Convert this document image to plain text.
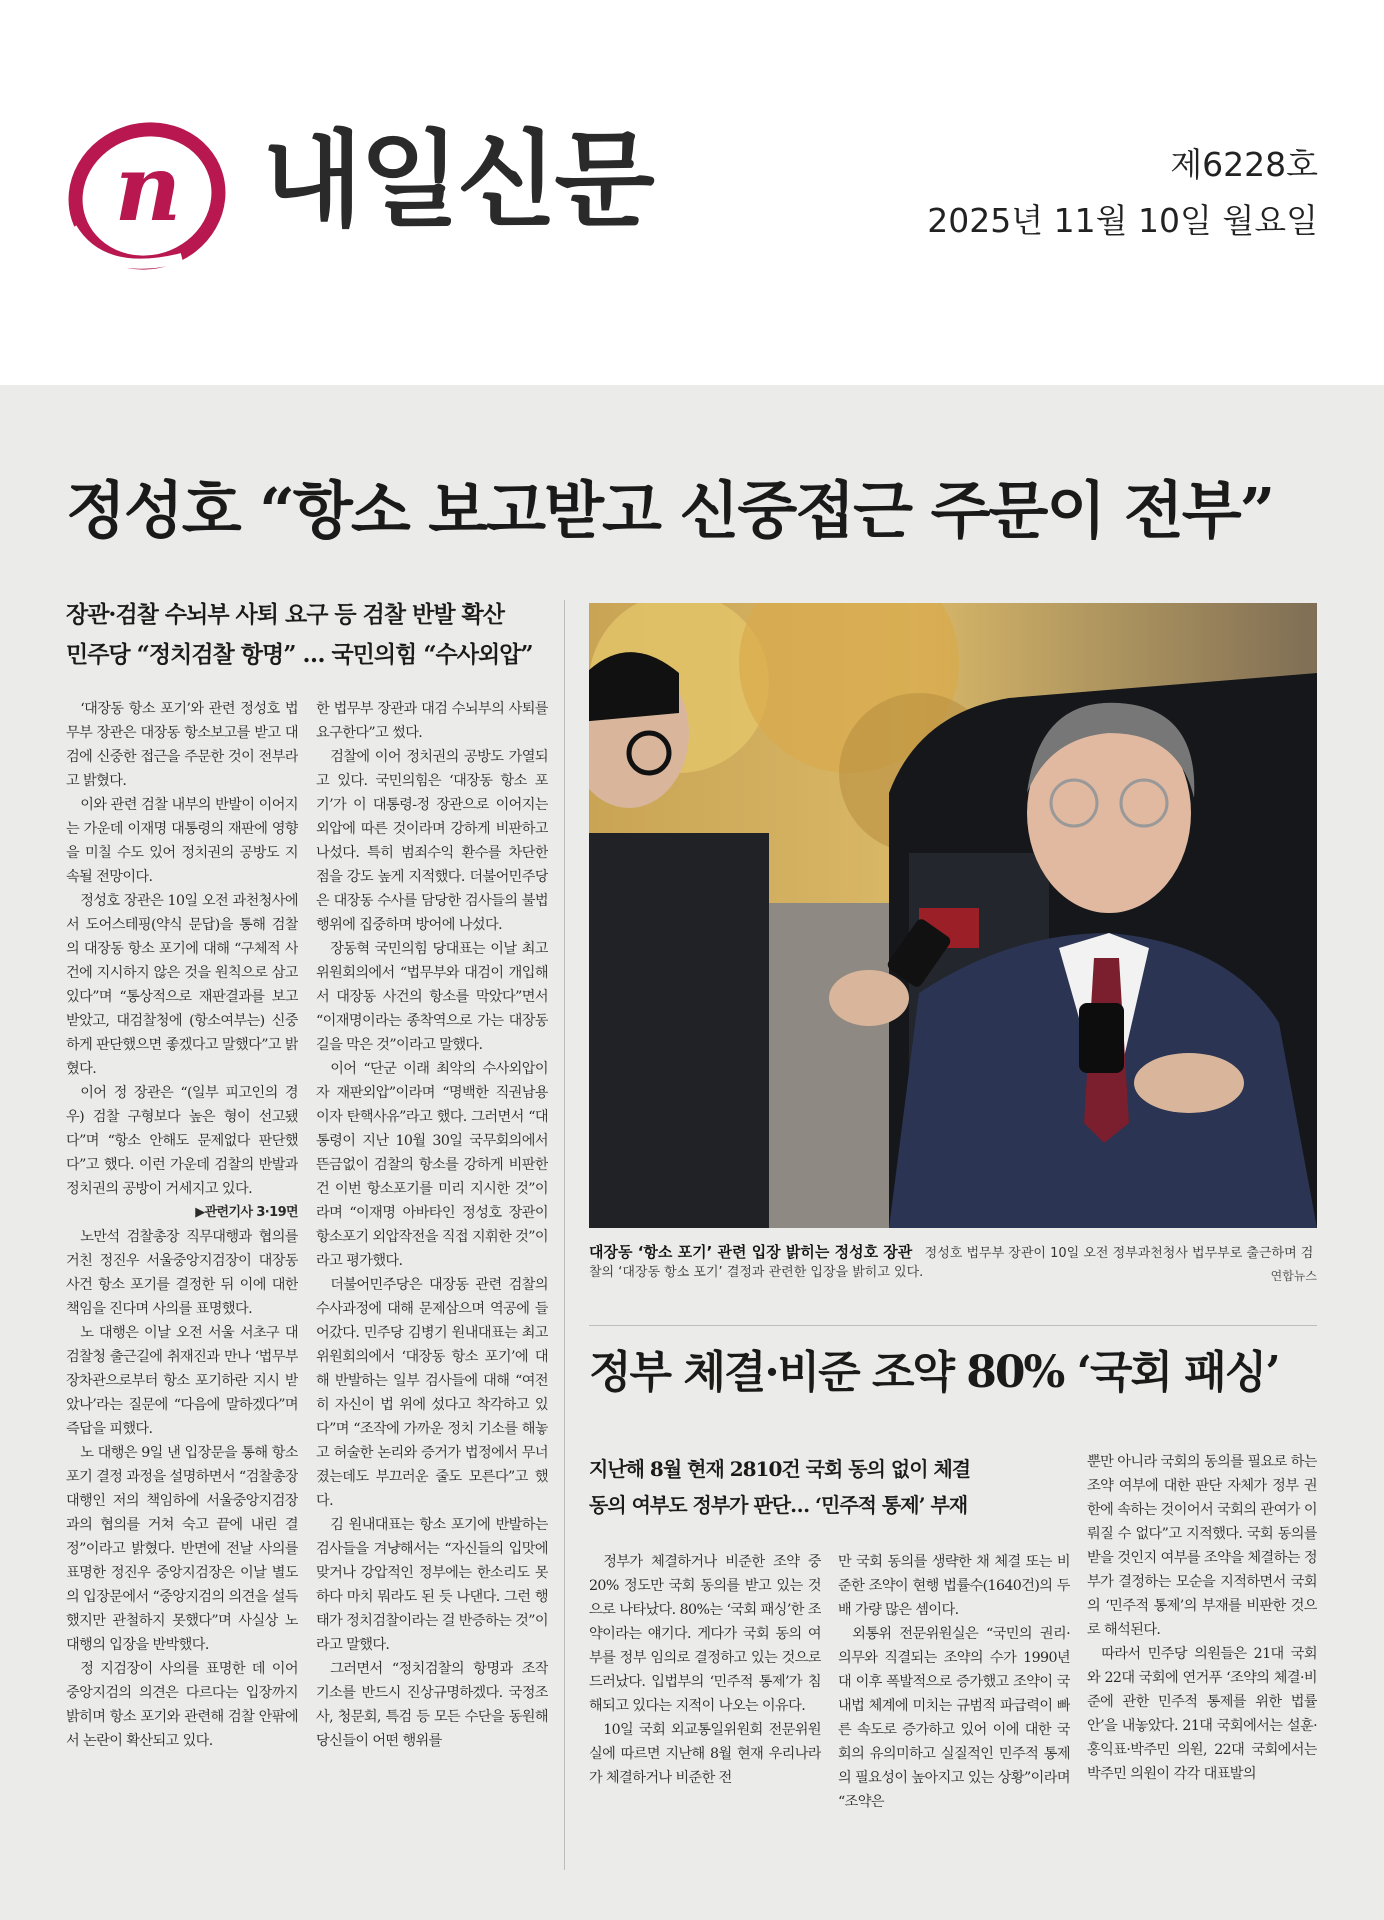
n 내일신문	제6228호
2025년 11월 10일 월요일
정성호 “항소 보고받고 신중접근 주문이 전부”
장관·검찰 수뇌부 사퇴 요구 등 검찰 반발 확산
민주당 “정치검찰 항명” … 국민의힘 “수사외압”

‘대장동 항소 포기’와 관련 정성호 법무부 장관은 대장동 항소보고를 받고 대검에 신중한 접근을 주문한 것이 전부라고 밝혔다.

이와 관련 검찰 내부의 반발이 이어지는 가운데 이재명 대통령의 재판에 영향을 미칠 수도 있어 정치권의 공방도 지속될 전망이다.

정성호 장관은 10일 오전 과천청사에서 도어스테핑(약식 문답)을 통해 검찰의 대장동 항소 포기에 대해 “구체적 사건에 지시하지 않은 것을 원칙으로 삼고 있다”며 “통상적으로 재판결과를 보고 받았고, 대검찰청에 (항소여부는) 신중하게 판단했으면 좋겠다고 말했다”고 밝혔다.

이어 정 장관은 “(일부 피고인의 경우) 검찰 구형보다 높은 형이 선고됐다”며 “항소 안해도 문제없다 판단했다”고 했다. 이런 가운데 검찰의 반발과 정치권의 공방이 거세지고 있다.

▶관련기사 3·19면

노만석 검찰총장 직무대행과 협의를 거친 정진우 서울중앙지검장이 대장동 사건 항소 포기를 결정한 뒤 이에 대한 책임을 진다며 사의를 표명했다.

노 대행은 이날 오전 서울 서초구 대검찰청 출근길에 취재진과 만나 ‘법무부 장차관으로부터 항소 포기하란 지시 받았나’라는 질문에 “다음에 말하겠다”며 즉답을 피했다.

노 대행은 9일 낸 입장문을 통해 항소 포기 결정 과정을 설명하면서 “검찰총장 대행인 저의 책임하에 서울중앙지검장과의 협의를 거쳐 숙고 끝에 내린 결정”이라고 밝혔다. 반면에 전날 사의를 표명한 정진우 중앙지검장은 이날 별도의 입장문에서 “중앙지검의 의견을 설득했지만 관철하지 못했다”며 사실상 노 대행의 입장을 반박했다.

정 지검장이 사의를 표명한 데 이어 중앙지검의 의견은 다르다는 입장까지 밝히며 항소 포기와 관련해 검찰 안팎에서 논란이 확산되고 있다.

한 법무부 장관과 대검 수뇌부의 사퇴를 요구한다”고 썼다.

검찰에 이어 정치권의 공방도 가열되고 있다. 국민의힘은 ‘대장동 항소 포기’가 이 대통령-정 장관으로 이어지는 외압에 따른 것이라며 강하게 비판하고 나섰다. 특히 범죄수익 환수를 차단한 점을 강도 높게 지적했다. 더불어민주당은 대장동 수사를 담당한 검사들의 불법행위에 집중하며 방어에 나섰다.

장동혁 국민의힘 당대표는 이날 최고위원회의에서 “법무부와 대검이 개입해서 대장동 사건의 항소를 막았다”면서 “이재명이라는 종착역으로 가는 대장동 길을 막은 것”이라고 말했다.

이어 “단군 이래 최악의 수사외압이자 재판외압”이라며 “명백한 직권남용이자 탄핵사유”라고 했다. 그러면서 “대통령이 지난 10월 30일 국무회의에서 뜬금없이 검찰의 항소를 강하게 비판한 건 이번 항소포기를 미리 지시한 것”이라며 “이재명 아바타인 정성호 장관이 항소포기 외압작전을 직접 지휘한 것”이라고 평가했다.

더불어민주당은 대장동 관련 검찰의 수사과정에 대해 문제삼으며 역공에 들어갔다. 민주당 김병기 원내대표는 최고위원회의에서 ‘대장동 항소 포기’에 대해 반발하는 일부 검사들에 대해 “여전히 자신이 법 위에 섰다고 착각하고 있다”며 “조작에 가까운 정치 기소를 해놓고 허술한 논리와 증거가 법정에서 무너졌는데도 부끄러운 줄도 모른다”고 했다.

김 원내대표는 항소 포기에 반발하는 검사들을 겨냥해서는 “자신들의 입맛에 맞거나 강압적인 정부에는 한소리도 못하다 마치 뭐라도 된 듯 나댄다. 그런 행태가 정치검찰이라는 걸 반증하는 것”이라고 말했다.

그러면서 “정치검찰의 항명과 조작 기소를 반드시 진상규명하겠다. 국정조사, 청문회, 특검 등 모든 수단을 동원해 당신들이 어떤 행위를

대장동 ‘항소 포기’ 관련 입장 밝히는 정성호 장관 정성호 법무부 장관이 10일 오전 정부과천청사 법무부로 출근하며 검찰의 ‘대장동 항소 포기’ 결정과 관련한 입장을 밝히고 있다.	연합뉴스
정부 체결·비준 조약 80% ‘국회 패싱’
지난해 8월 현재 2810건 국회 동의 없이 체결
동의 여부도 정부가 판단… ‘민주적 통제’ 부재

정부가 체결하거나 비준한 조약 중 20% 정도만 국회 동의를 받고 있는 것으로 나타났다. 80%는 ‘국회 패싱’한 조약이라는 얘기다. 게다가 국회 동의 여부를 정부 임의로 결정하고 있는 것으로 드러났다. 입법부의 ‘민주적 통제’가 침해되고 있다는 지적이 나오는 이유다.

10일 국회 외교통일위원회 전문위원실에 따르면 지난해 8월 현재 우리나라가 체결하거나 비준한 전

만 국회 동의를 생략한 채 체결 또는 비준한 조약이 현행 법률수(1640건)의 두 배 가량 많은 셈이다.

외통위 전문위원실은 “국민의 권리·의무와 직결되는 조약의 수가 1990년대 이후 폭발적으로 증가했고 조약이 국내법 체계에 미치는 규범적 파급력이 빠른 속도로 증가하고 있어 이에 대한 국회의 유의미하고 실질적인 민주적 통제의 필요성이 높아지고 있는 상황”이라며 “조약은

뿐만 아니라 국회의 동의를 필요로 하는 조약 여부에 대한 판단 자체가 정부 권한에 속하는 것이어서 국회의 관여가 이뤄질 수 없다”고 지적했다. 국회 동의를 받을 것인지 여부를 조약을 체결하는 정부가 결정하는 모순을 지적하면서 국회의 ‘민주적 통제’의 부재를 비판한 것으로 해석된다.

따라서 민주당 의원들은 21대 국회와 22대 국회에 연거푸 ‘조약의 체결·비준에 관한 민주적 통제를 위한 법률안’을 내놓았다. 21대 국회에서는 설훈·홍익표·박주민 의원, 22대 국회에서는 박주민 의원이 각각 대표발의
